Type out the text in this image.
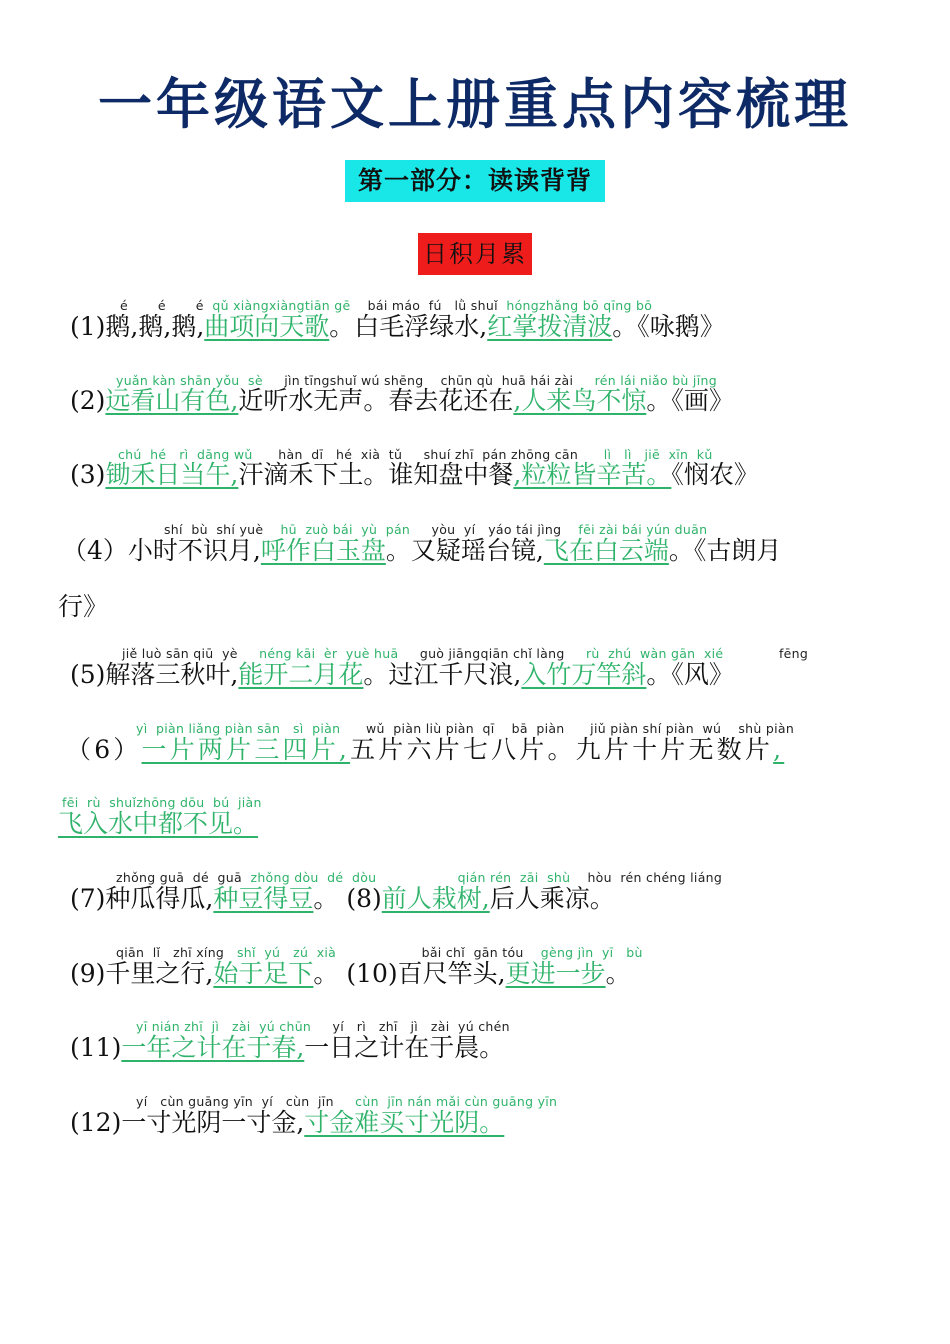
一年级语文上册重点内容梳理
第一部分：读读背背
日积月累
é       é       é  qǔ xiàngxiàngtiān gē    bái máo  fú   lǜ shuǐ  hóngzhǎng bō qīng bō
(1)鹅,鹅,鹅,曲项向天歌。白毛浮绿水,红掌拨清波。《咏鹅》
yuǎn kàn shān yǒu  sè     jìn tīngshuǐ wú shēng    chūn qù  huā hái zài     rén lái niǎo bù jīng
(2)远看山有色,近听水无声。春去花还在,人来鸟不惊。《画》
chú  hé   rì  dāng wǔ      hàn  dī   hé  xià  tǔ     shuí zhī  pán zhōng cān      lì   lì   jiē  xīn  kǔ
(3)锄禾日当午,汗滴禾下土。谁知盘中餐,粒粒皆辛苦。《悯农》
shí  bù  shí yuè    hū  zuò bái  yù  pán     yòu  yí   yáo tái jìng    fēi zài bái yún duān
（4）小时不识月,呼作白玉盘。又疑瑶台镜,飞在白云端。《古朗月
行》
jiě luò sān qiū  yè     néng kāi  èr  yuè huā     guò jiāngqiān chǐ làng     rù  zhú  wàn gān  xié             fēng
(5)解落三秋叶,能开二月花。过江千尺浪,入竹万竿斜。《风》
yì  piàn liǎng piàn sān   sì  piàn      wǔ  piàn liù piàn  qī    bā  piàn      jiǔ piàn shí piàn  wú    shù piàn
（6）一片两片三四片,五片六片七八片。九片十片无数片,
fēi  rù  shuǐzhōng dōu  bú  jiàn
飞入水中都不见。
zhǒng guā  dé  guā  zhǒng dòu  dé  dòu	qián rén  zāi  shù    hòu  rén chéng liáng
(7)种瓜得瓜,种豆得豆。 (8)前人栽树,后人乘凉。
qiān  lǐ   zhī xíng   shǐ  yú   zú  xià                    bǎi chǐ  gān tóu    gèng jìn  yī   bù
(9)千里之行,始于足下。 (10)百尺竿头,更进一步。
yī nián zhī  jì   zài  yú chūn     yí   rì   zhī   jì   zài  yú chén
(11)一年之计在于春,一日之计在于晨。
yí   cùn guāng yīn  yí   cùn  jīn     cùn  jīn nán mǎi cùn guāng yīn
(12)一寸光阴一寸金,寸金难买寸光阴。
